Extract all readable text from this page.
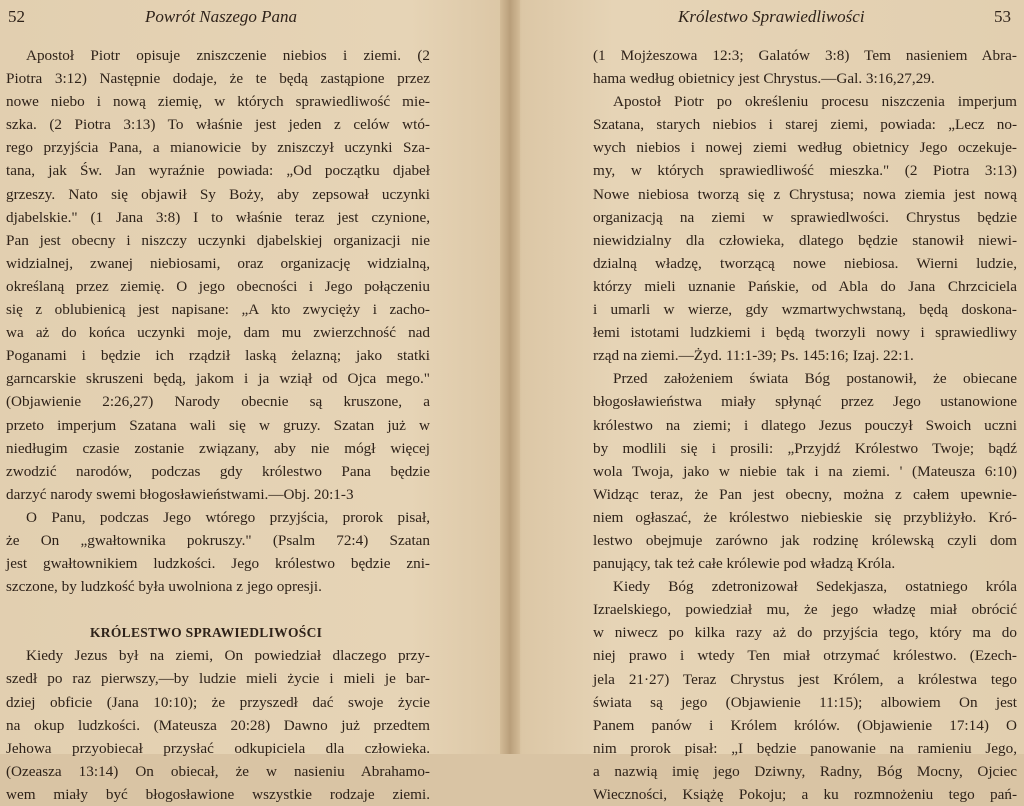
52	Powrót Naszego Pana
Apostoł Piotr opisuje zniszczenie niebios i ziemi. (2
Piotra 3:12) Następnie dodaje, że te będą zastąpione przez
nowe niebo i nową ziemię, w których sprawiedliwość mie-
szka. (2 Piotra 3:13) To właśnie jest jeden z celów wtó-
rego przyjścia Pana, a mianowicie by zniszczył uczynki Sza-
tana, jak Św. Jan wyraźnie powiada: „Od początku djabeł
grzeszy. Nato się objawił Sy Boży, aby zepsował uczynki
djabelskie." (1 Jana 3:8) I to właśnie teraz jest czynione,
Pan jest obecny i niszczy uczynki djabelskiej organizacji nie
widzialnej, zwanej niebiosami, oraz organizację widzialną,
określaną przez ziemię. O jego obecności i Jego połączeniu
się z oblubienicą jest napisane: „A kto zwycięży i zacho-
wa aż do końca uczynki moje, dam mu zwierzchność nad
Poganami i będzie ich rządził laską żelazną; jako statki
garncarskie skruszeni będą, jakom i ja wziął od Ojca mego."
(Objawienie 2:26,27) Narody obecnie są kruszone, a
przeto imperjum Szatana wali się w gruzy. Szatan już w
niedługim czasie zostanie związany, aby nie mógł więcej
zwodzić narodów, podczas gdy królestwo Pana będzie
darzyć narody swemi błogosławieństwami.—Obj. 20:1-3
O Panu, podczas Jego wtórego przyjścia, prorok pisał,
że On „gwałtownika pokruszy." (Psalm 72:4) Szatan
jest gwałtownikiem ludzkości. Jego królestwo będzie zni-
szczone, by ludzkość była uwolniona z jego opresji.
KRÓLESTWO SPRAWIEDLIWOŚCI
Kiedy Jezus był na ziemi, On powiedział dlaczego przy-
szedł po raz pierwszy,—by ludzie mieli życie i mieli je bar-
dziej obficie (Jana 10:10); że przyszedł dać swoje życie
na okup ludzkości. (Mateusza 20:28) Dawno już przedtem
Jehowa przyobiecał przysłać odkupiciela dla człowieka.
(Ozeasza 13:14) On obiecał, że w nasieniu Abrahamo-
wem miały być błogosławione wszystkie rodzaje ziemi.
Królestwo Sprawiedliwości	53
(1 Mojżeszowa 12:3; Galatów 3:8) Tem nasieniem Abra-
hama według obietnicy jest Chrystus.—Gal. 3:16,27,29.
Apostoł Piotr po określeniu procesu niszczenia imperjum
Szatana, starych niebios i starej ziemi, powiada: „Lecz no-
wych niebios i nowej ziemi według obietnicy Jego oczekuje-
my, w których sprawiedliwość mieszka." (2 Piotra 3:13)
Nowe niebiosa tworzą się z Chrystusa; nowa ziemia jest nową
organizacją na ziemi w sprawiedlwości. Chrystus będzie
niewidzialny dla człowieka, dlatego będzie stanowił niewi-
dzialną władzę, tworzącą nowe niebiosa. Wierni ludzie,
którzy mieli uznanie Pańskie, od Abla do Jana Chrzciciela
i umarli w wierze, gdy wzmartwychwstaną, będą doskona-
łemi istotami ludzkiemi i będą tworzyli nowy i sprawiedliwy
rząd na ziemi.—Żyd. 11:1-39; Ps. 145:16; Izaj. 22:1.
Przed założeniem świata Bóg postanowił, że obiecane
błogosławieństwa miały spłynąć przez Jego ustanowione
królestwo na ziemi; i dlatego Jezus pouczył Swoich uczni
by modlili się i prosili: „Przyjdź Królestwo Twoje; bądź
wola Twoja, jako w niebie tak i na ziemi. ' (Mateusza 6:10)
Widząc teraz, że Pan jest obecny, można z całem upewnie-
niem ogłaszać, że królestwo niebieskie się przybliżyło. Kró-
lestwo obejmuje zarówno jak rodzinę królewską czyli dom
panujący, tak też całe królewie pod władzą Króla.
Kiedy Bóg zdetronizował Sedekjasza, ostatniego króla
Izraelskiego, powiedział mu, że jego władzę miał obrócić
w niwecz po kilka razy aż do przyjścia tego, który ma do
niej prawo i wtedy Ten miał otrzymać królestwo. (Ezech-
jela 21·27) Teraz Chrystus jest Królem, a królestwa tego
świata są jego (Objawienie 11:15); albowiem On jest
Panem panów i Królem królów. (Objawienie 17:14) O
nim prorok pisał: „I będzie panowanie na ramieniu Jego,
a nazwią imię jego Dziwny, Radny, Bóg Mocny, Ojciec
Wieczności, Książę Pokoju; a ku rozmnożeniu tego pań-
